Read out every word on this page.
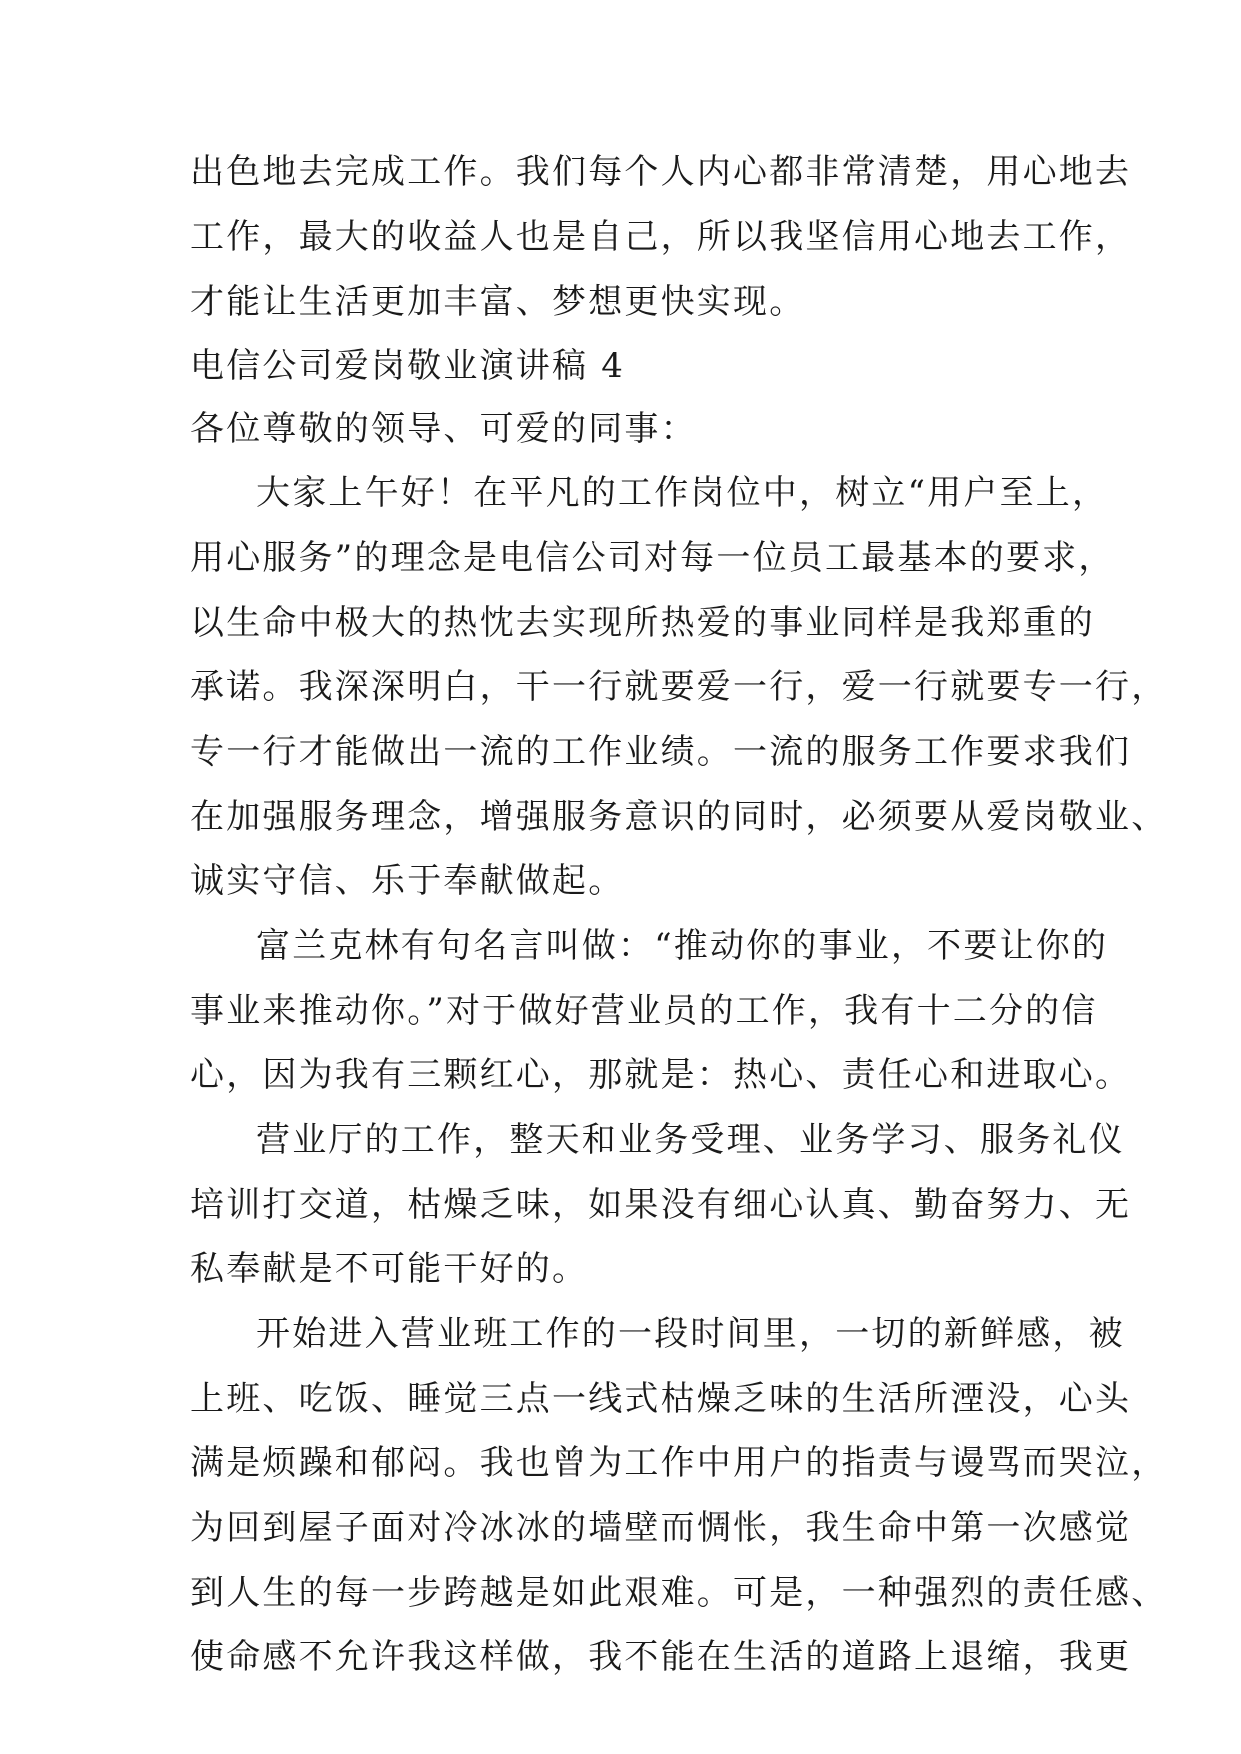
出色地去完成工作。我们每个人内心都非常清楚，用心地去
工作，最大的收益人也是自己，所以我坚信用心地去工作，
才能让生活更加丰富、梦想更快实现。
电信公司爱岗敬业演讲稿 4
各位尊敬的领导、可爱的同事：
大家上午好！在平凡的工作岗位中，树立“用户至上，
用心服务”的理念是电信公司对每一位员工最基本的要求，
以生命中极大的热忱去实现所热爱的事业同样是我郑重的
承诺。我深深明白，干一行就要爱一行，爱一行就要专一行，
专一行才能做出一流的工作业绩。一流的服务工作要求我们
在加强服务理念，增强服务意识的同时，必须要从爱岗敬业、
诚实守信、乐于奉献做起。
富兰克林有句名言叫做：“推动你的事业，不要让你的
事业来推动你。”对于做好营业员的工作，我有十二分的信
心，因为我有三颗红心，那就是：热心、责任心和进取心。
营业厅的工作，整天和业务受理、业务学习、服务礼仪
培训打交道，枯燥乏味，如果没有细心认真、勤奋努力、无
私奉献是不可能干好的。
开始进入营业班工作的一段时间里，一切的新鲜感，被
上班、吃饭、睡觉三点一线式枯燥乏味的生活所湮没，心头
满是烦躁和郁闷。我也曾为工作中用户的指责与谩骂而哭泣，
为回到屋子面对冷冰冰的墙壁而惆怅，我生命中第一次感觉
到人生的每一步跨越是如此艰难。可是，一种强烈的责任感、
使命感不允许我这样做，我不能在生活的道路上退缩，我更
